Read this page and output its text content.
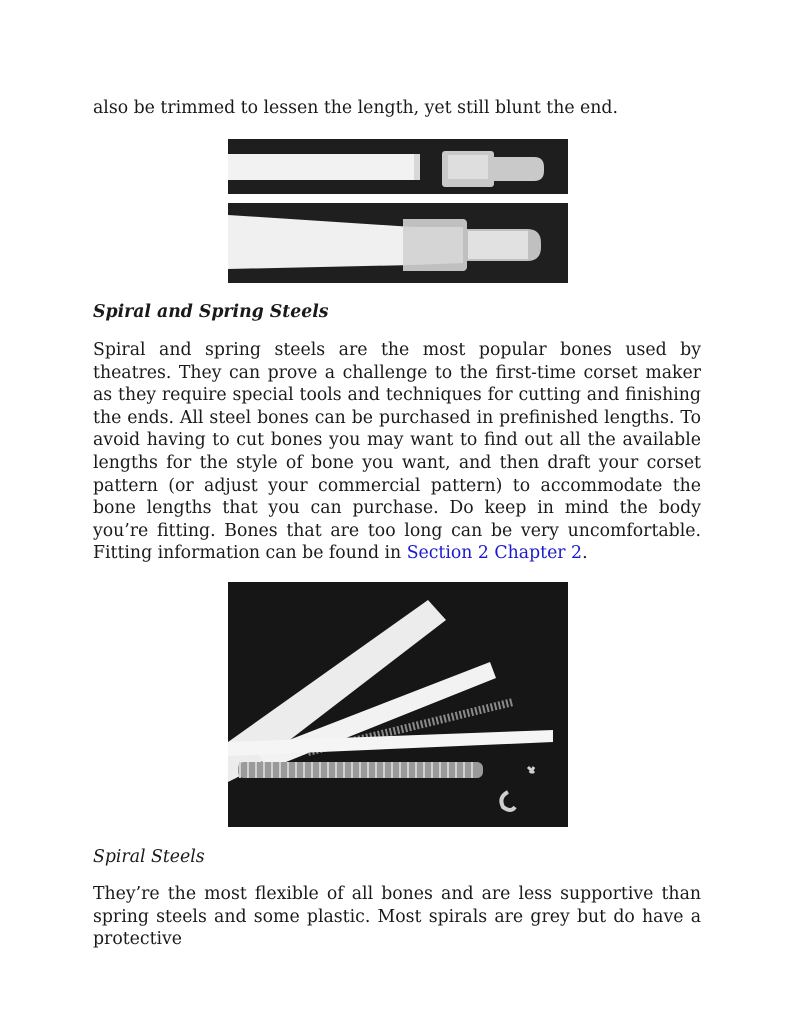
also be trimmed to lessen the length, yet still blunt the end.

Spiral and Spring Steels

Spiral and spring steels are the most popular bones used by theatres. They can prove a challenge to the first-time corset maker as they require special tools and techniques for cutting and finishing the ends. All steel bones can be purchased in prefinished lengths. To avoid having to cut bones you may want to find out all the available lengths for the style of bone you want, and then draft your corset pattern (or adjust your commercial pattern) to accommodate the bone lengths that you can purchase. Do keep in mind the body you’re fitting. Bones that are too long can be very uncomfortable. Fitting information can be found in Section 2 Chapter 2.

Spiral Steels

They’re the most flexible of all bones and are less supportive than spring steels and some plastic. Most spirals are grey but do have a protective
